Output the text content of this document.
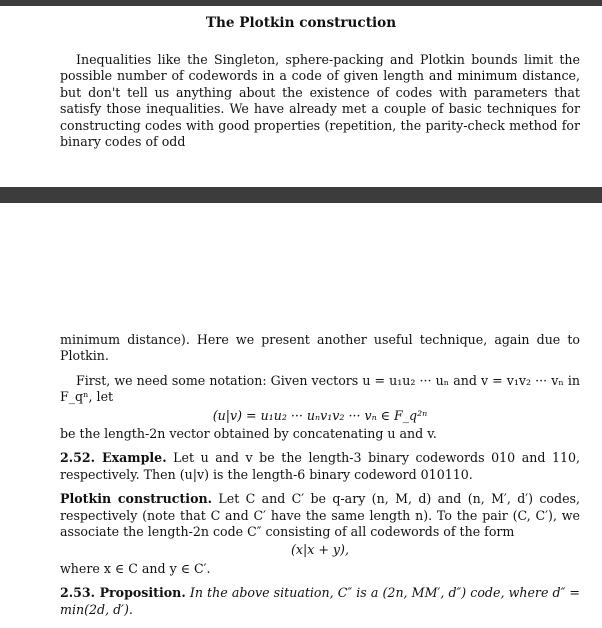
The Plotkin construction

Inequalities like the Singleton, sphere-packing and Plotkin bounds limit the possible number of codewords in a code of given length and minimum distance, but don't tell us anything about the existence of codes with parameters that satisfy those inequalities. We have already met a couple of basic techniques for constructing codes with good properties (repetition, the parity-check method for binary codes of odd

minimum distance). Here we present another useful technique, again due to Plotkin.

First, we need some notation: Given vectors u = u₁u₂ ··· uₙ and v = v₁v₂ ··· vₙ in F_qⁿ, let

(u|v) = u₁u₂ ··· uₙv₁v₂ ··· vₙ ∈ F_q²ⁿ

be the length-2n vector obtained by concatenating u and v.

2.52. Example. Let u and v be the length-3 binary codewords 010 and 110, respectively. Then (u|v) is the length-6 binary codeword 010110.

Plotkin construction. Let C and C′ be q-ary (n, M, d) and (n, M′, d′) codes, respectively (note that C and C′ have the same length n). To the pair (C, C′), we associate the length-2n code C″ consisting of all codewords of the form

(x|x + y),

where x ∈ C and y ∈ C′.

2.53. Proposition. In the above situation, C″ is a (2n, MM′, d″) code, where d″ = min(2d, d′).
